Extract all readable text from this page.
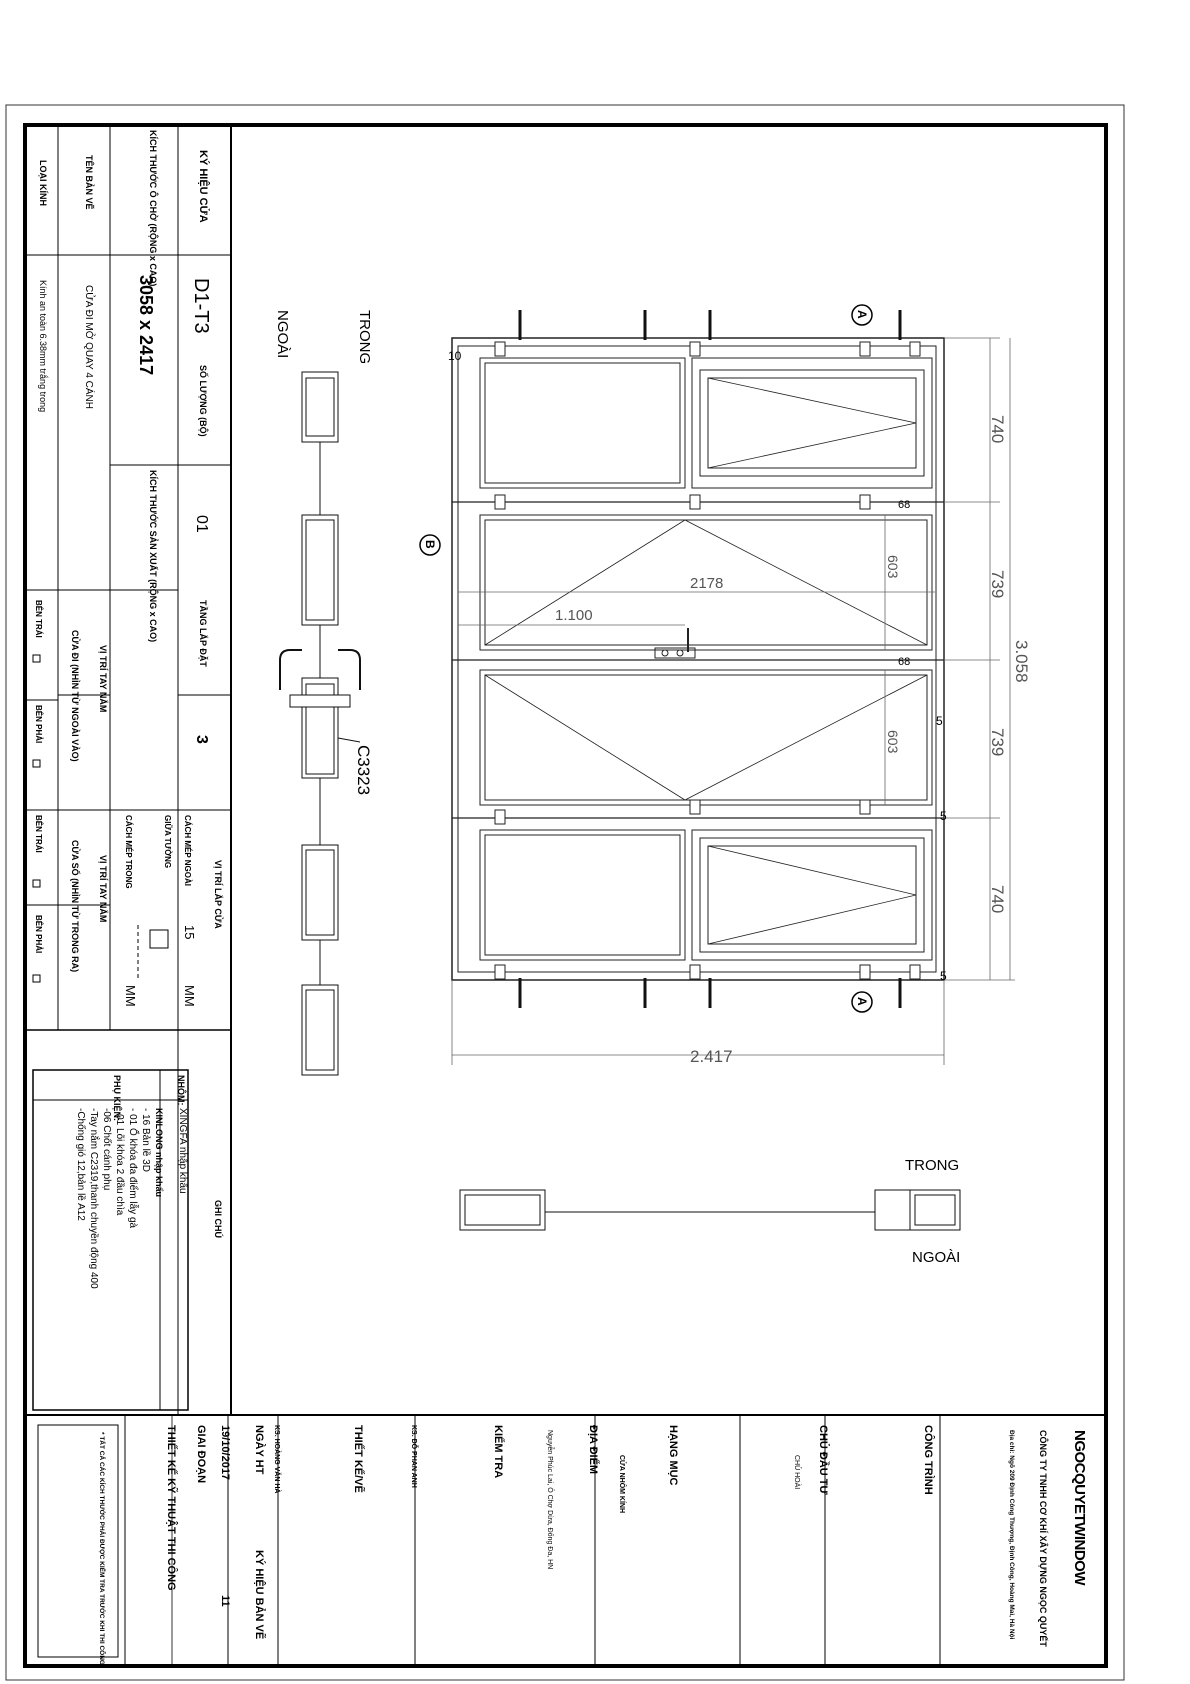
KÝ HIỆU CỬA
D1-T3
SỐ LƯỢNG (BỘ)
01
TẦNG LẮP ĐẶT
3
KÍCH THƯỚC Ô CHỜ (RỘNG x CAO)
3058 x 2417
KÍCH THƯỚC SẢN XUẤT (RỘNG x CAO)
TÊN BẢN VẼ
CỬA ĐI MỞ QUAY 4 CÁNH
LOẠI KÍNH
Kính an toàn 6.38mm trắng trong
VỊ TRÍ TAY NẮM
CỬA ĐI (NHÌN TỪ NGOÀI VÀO)
BÊN TRÁI
BÊN PHẢI
VỊ TRÍ TAY NẮM
CỬA SỔ (NHÌN TỪ TRONG RA)
BÊN TRÁI
BÊN PHẢI
VỊ TRÍ LẮP CỬA
CÁCH MÉP NGOÀI
15
MM
GIỮA TƯỜNG
CÁCH MÉP TRONG
MM
GHI CHÚ
NHÔM:
XINGFA nhập khẩu
PHỤ KIỆN:
KINLONG nhập khẩu
- 16 Bản lề 3D
- 01 Ổ khóa đa điểm lẫy gà
- 01 Lõi khóa 2 đầu chìa
-06 Chốt cánh phụ
-Tay nắm C2319,thanh chuyền động 400
-Chống gió 12,bản lề A12
NGOCQUYETWINDOW
CÔNG TY TNHH CƠ KHÍ XÂY DỰNG NGỌC QUYẾT
Địa chỉ: Ngõ 209 Định Công Thượng, Định Công, Hoàng Mai, Hà Nội
CÔNG TRÌNH
CHỦ ĐẦU TƯ
CHỦ HOÀI
HẠNG MỤC
CỬA NHÔM KÍNH
ĐỊA ĐIỂM
Nguyễn Phúc Lai, Ô Chợ Dừa, Đống Đa, HN
KIỂM TRA
KS. ĐỖ PHAN ANH
THIẾT KẾ/VẼ
KS. HOÀNG VĂN HÀ
NGÀY HT
KÝ HIỆU BẢN VẼ
19/10/2017
11
GIAI ĐOẠN
THIẾT KẾ KỸ THUẬT THI CÔNG
* TẤT CẢ CÁC KÍCH THƯỚC PHẢI ĐƯỢC KIỂM TRA TRƯỚC KHI THI CÔNG
740
739
739
740
3.058
2.417
2178
1.100
603
603
10
5
5
5
68
68
A
A
B
TRONG
NGOÀI
C3323
TRONG
NGOÀI
